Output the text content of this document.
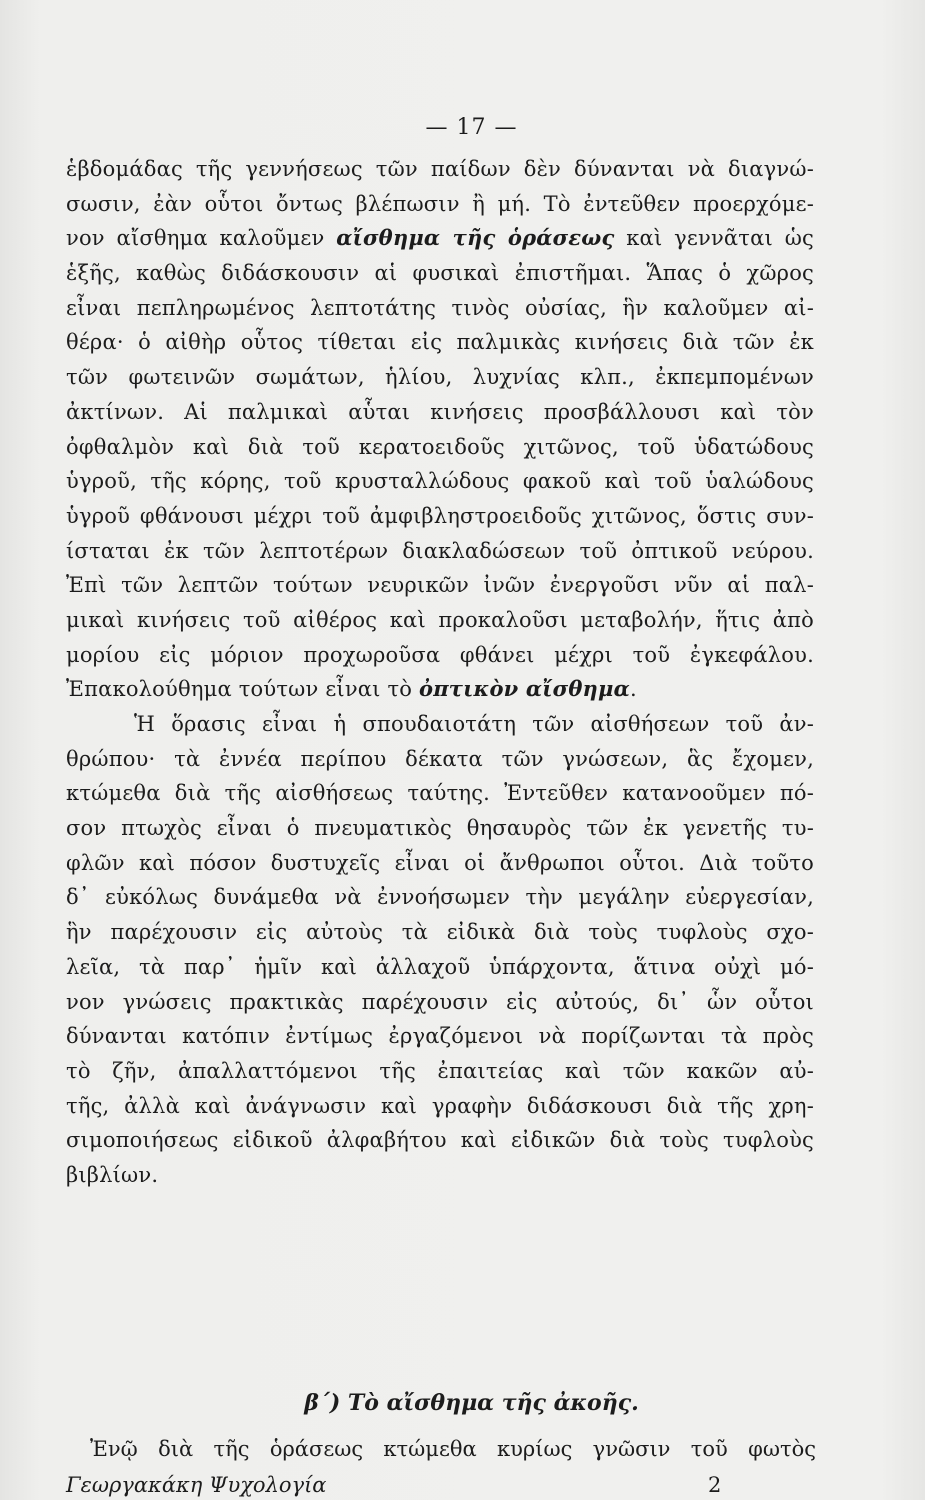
— 17 —
ἑβδομάδας τῆς γεννήσεως τῶν παίδων δὲν δύνανται νὰ διαγνώ-
σωσιν, ἐὰν οὗτοι ὄντως βλέπωσιν ἢ μή. Τὸ ἐντεῦθεν προερχόμε-
νον αἴσθημα καλοῦμεν αἴσθημα τῆς ὁράσεως καὶ γεννᾶται ὡς
ἑξῆς, καθὼς διδάσκουσιν αἱ φυσικαὶ ἐπιστῆμαι. Ἅπας ὁ χῶρος
εἶναι πεπληρωμένος λεπτοτάτης τινὸς οὐσίας, ἣν καλοῦμεν αἰ-
θέρα· ὁ αἰθὴρ οὗτος τίθεται εἰς παλμικὰς κινήσεις διὰ τῶν ἐκ
τῶν φωτεινῶν σωμάτων, ἡλίου, λυχνίας κλπ., ἐκπεμπομένων
ἀκτίνων. Αἱ παλμικαὶ αὗται κινήσεις προσβάλλουσι καὶ τὸν
ὀφθαλμὸν καὶ διὰ τοῦ κερατοειδοῦς χιτῶνος, τοῦ ὑδατώδους
ὑγροῦ, τῆς κόρης, τοῦ κρυσταλλώδους φακοῦ καὶ τοῦ ὑαλώδους
ὑγροῦ φθάνουσι μέχρι τοῦ ἀμφιβληστροειδοῦς χιτῶνος, ὅστις συν-
ίσταται ἐκ τῶν λεπτοτέρων διακλαδώσεων τοῦ ὀπτικοῦ νεύρου.
Ἐπὶ τῶν λεπτῶν τούτων νευρικῶν ἰνῶν ἐνεργοῦσι νῦν αἱ παλ-
μικαὶ κινήσεις τοῦ αἰθέρος καὶ προκαλοῦσι μεταβολήν, ἥτις ἀπὸ
μορίου εἰς μόριον προχωροῦσα φθάνει μέχρι τοῦ ἐγκεφάλου.
Ἐπακολούθημα τούτων εἶναι τὸ ὀπτικὸν αἴσθημα.
Ἡ ὅρασις εἶναι ἡ σπουδαιοτάτη τῶν αἰσθήσεων τοῦ ἀν-
θρώπου· τὰ ἐννέα περίπου δέκατα τῶν γνώσεων, ἃς ἔχομεν,
κτώμεθα διὰ τῆς αἰσθήσεως ταύτης. Ἐντεῦθεν κατανοοῦμεν πό-
σον πτωχὸς εἶναι ὁ πνευματικὸς θησαυρὸς τῶν ἐκ γενετῆς τυ-
φλῶν καὶ πόσον δυστυχεῖς εἶναι οἱ ἄνθρωποι οὗτοι. Διὰ τοῦτο
δ᾽ εὐκόλως δυνάμεθα νὰ ἐννοήσωμεν τὴν μεγάλην εὐεργεσίαν,
ἣν παρέχουσιν εἰς αὐτοὺς τὰ εἰδικὰ διὰ τοὺς τυφλοὺς σχο-
λεῖα, τὰ παρ᾽ ἡμῖν καὶ ἀλλαχοῦ ὑπάρχοντα, ἅτινα οὐχὶ μό-
νον γνώσεις πρακτικὰς παρέχουσιν εἰς αὐτούς, δι᾽ ὧν οὗτοι
δύνανται κατόπιν ἐντίμως ἐργαζόμενοι νὰ πορίζωνται τὰ πρὸς
τὸ ζῆν, ἀπαλλαττόμενοι τῆς ἐπαιτείας καὶ τῶν κακῶν αὐ-
τῆς, ἀλλὰ καὶ ἀνάγνωσιν καὶ γραφὴν διδάσκουσι διὰ τῆς χρη-
σιμοποιήσεως εἰδικοῦ ἀλφαβήτου καὶ εἰδικῶν διὰ τοὺς τυφλοὺς
βιβλίων.
β΄) Τὸ αἴσθημα τῆς ἀκοῆς.
Ἐνῷ διὰ τῆς ὁράσεως κτώμεθα κυρίως γνῶσιν τοῦ φωτὸς
Γεωργακάκη Ψυχολογία	2
